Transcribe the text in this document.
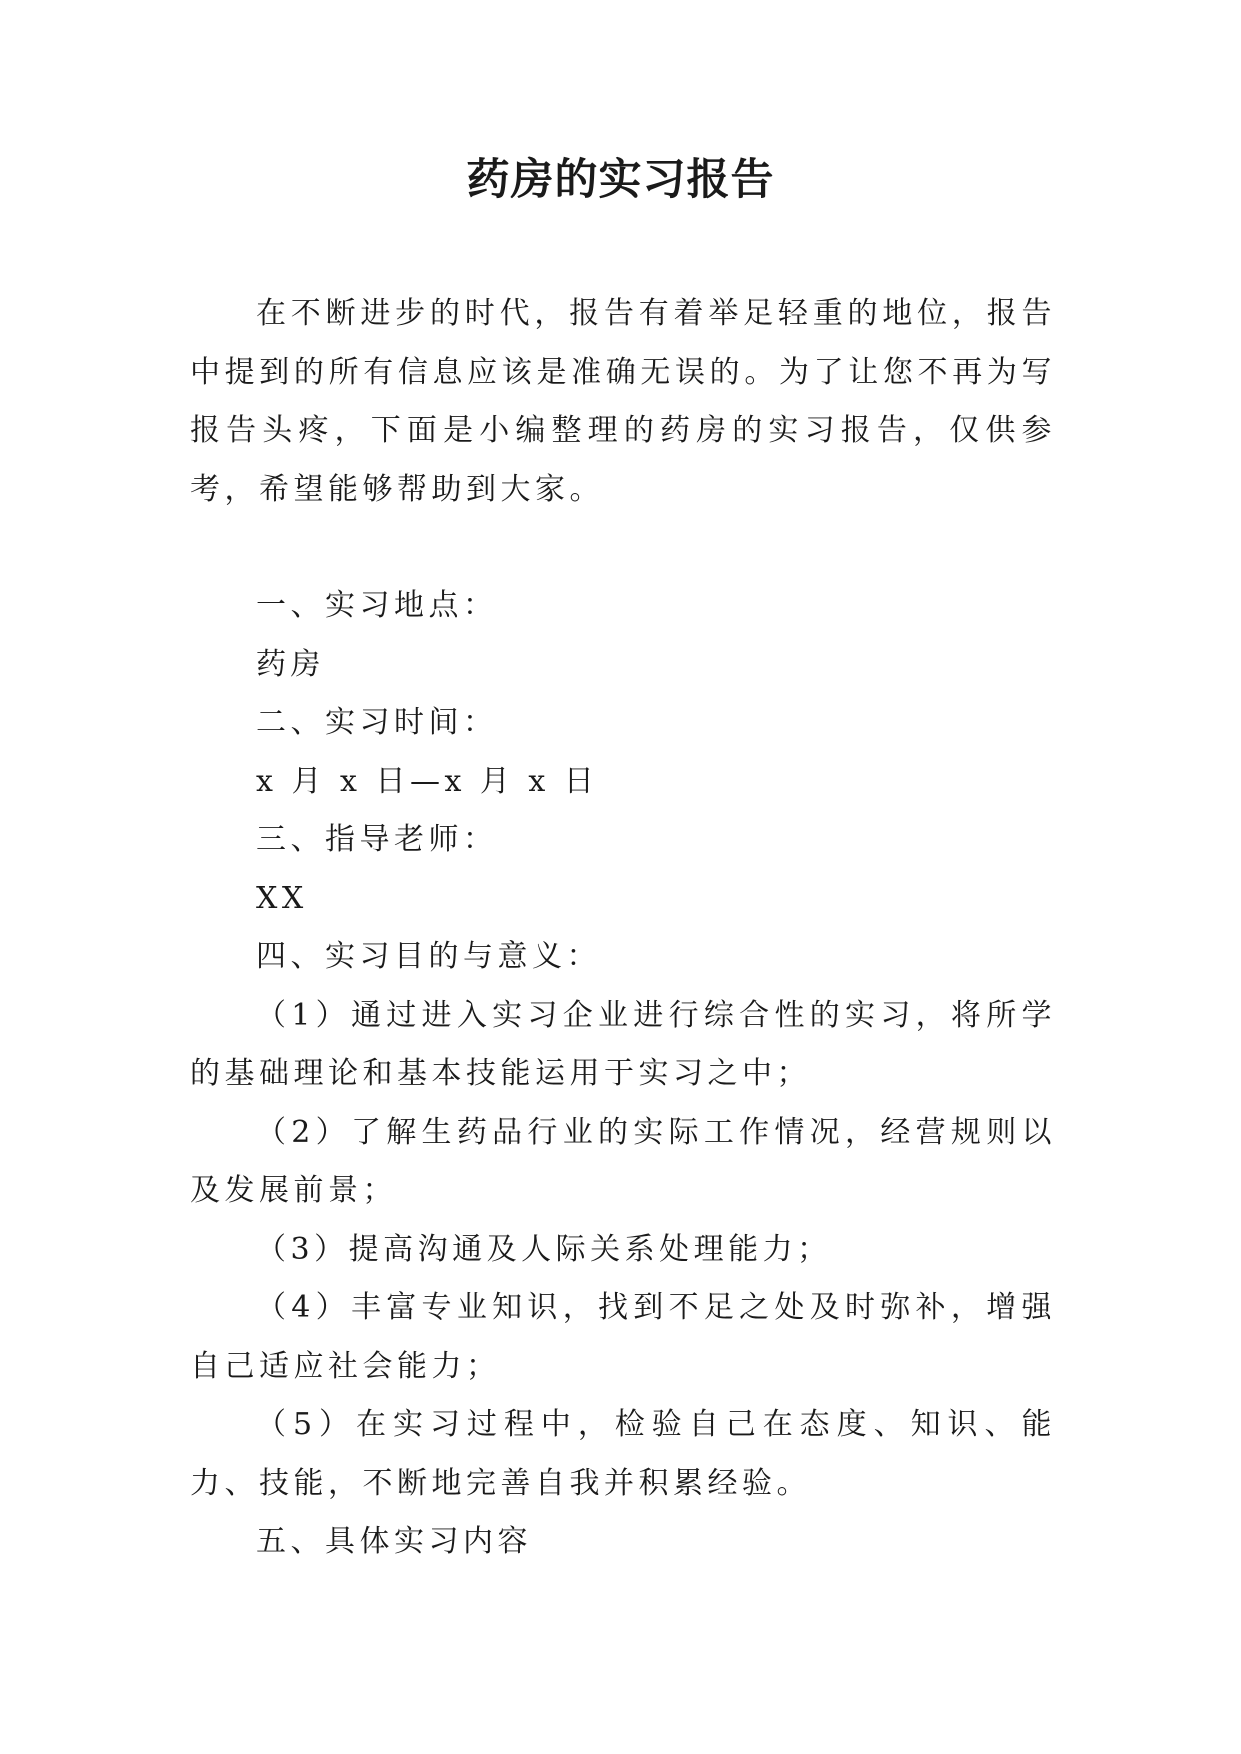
药房的实习报告

在不断进步的时代，报告有着举足轻重的地位，报告中提到的所有信息应该是准确无误的。为了让您不再为写报告头疼，下面是小编整理的药房的实习报告，仅供参考，希望能够帮助到大家。

一、实习地点：

药房

二、实习时间：

x 月 x 日—x 月 x 日

三、指导老师：

XX

四、实习目的与意义：

（1）通过进入实习企业进行综合性的实习，将所学的基础理论和基本技能运用于实习之中；

（2）了解生药品行业的实际工作情况，经营规则以及发展前景；

（3）提高沟通及人际关系处理能力；

（4）丰富专业知识，找到不足之处及时弥补，增强自己适应社会能力；

（5）在实习过程中，检验自己在态度、知识、能力、技能，不断地完善自我并积累经验。

五、具体实习内容
